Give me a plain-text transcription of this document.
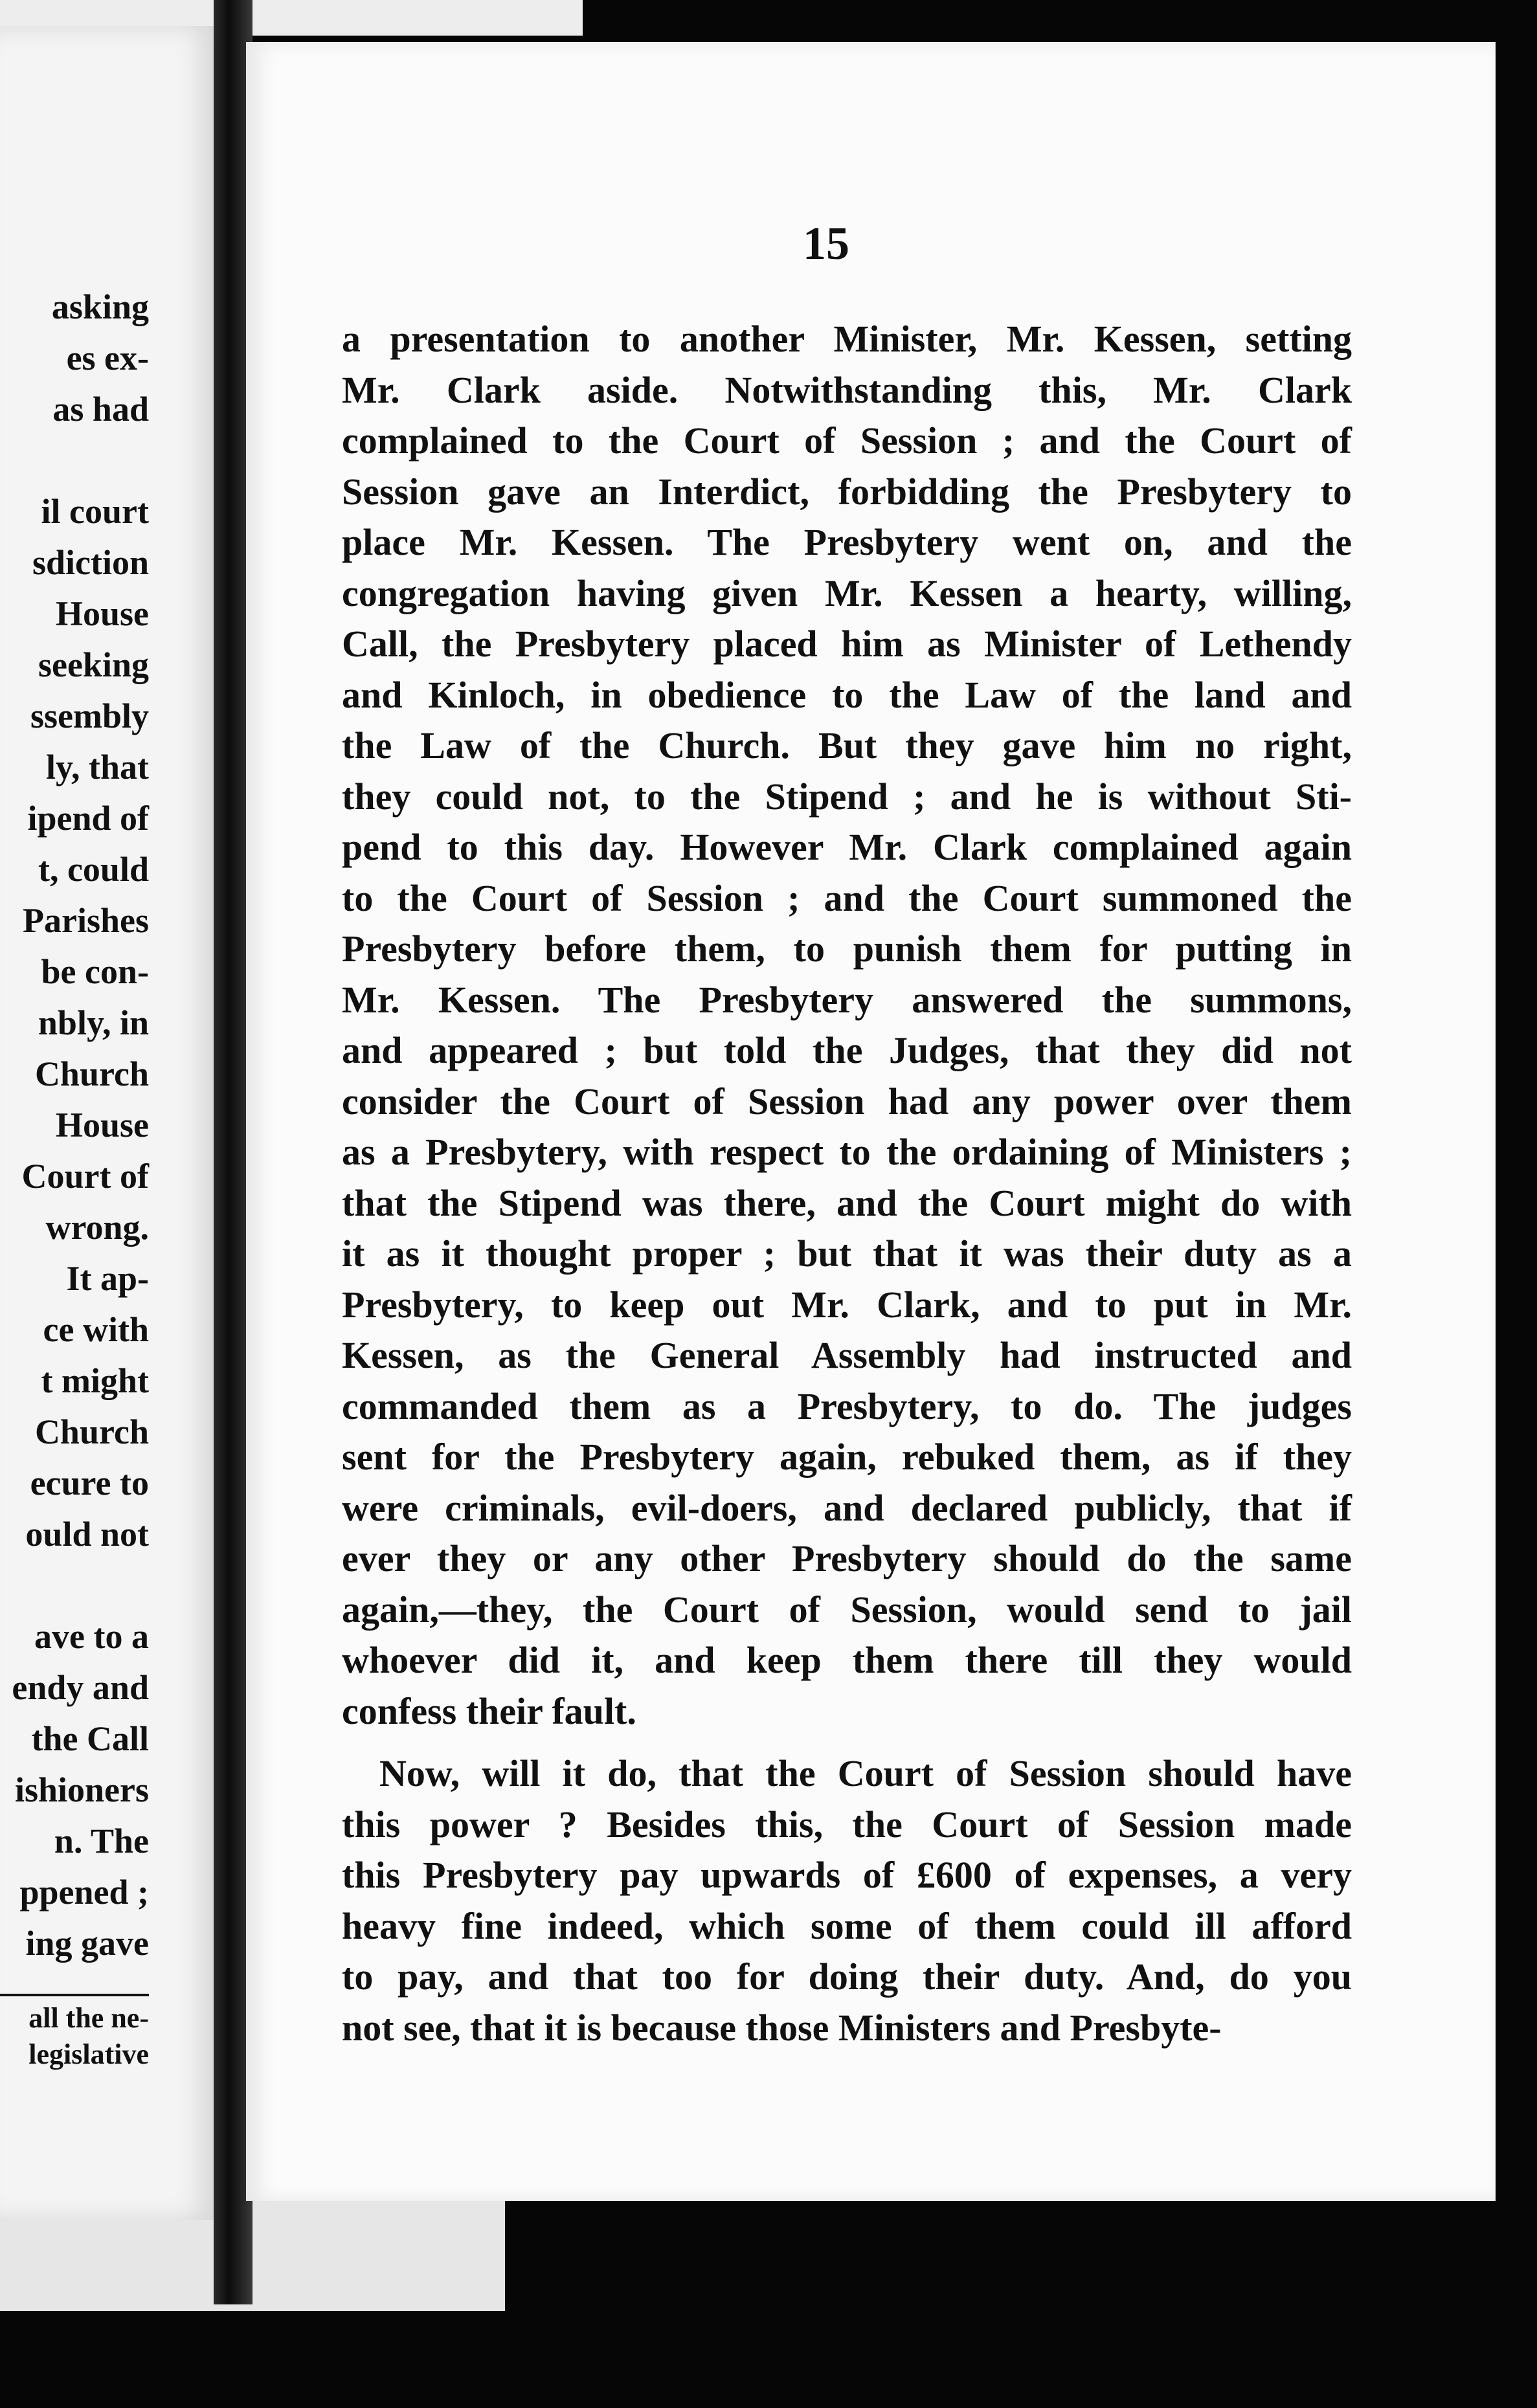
asking
es ex-
as had

il court
sdiction
House
seeking
ssembly
ly, that
ipend of
t, could
Parishes
be con-
nbly, in
Church
House
Court of
wrong.
It ap-
ce with
t might
Church
ecure to
ould not

ave to a
endy and
the Call
ishioners
n. The
ppened ;
ing gave
all the ne-
legislative
15
a presentation to another Minister, Mr. Kessen, setting
Mr. Clark aside. Notwithstanding this, Mr. Clark
complained to the Court of Session ; and the Court of
Session gave an Interdict, forbidding the Presbytery to
place Mr. Kessen. The Presbytery went on, and the
congregation having given Mr. Kessen a hearty, willing,
Call, the Presbytery placed him as Minister of Lethendy
and Kinloch, in obedience to the Law of the land and
the Law of the Church. But they gave him no right,
they could not, to the Stipend ; and he is without Sti-
pend to this day. However Mr. Clark complained again
to the Court of Session ; and the Court summoned the
Presbytery before them, to punish them for putting in
Mr. Kessen. The Presbytery answered the summons,
and appeared ; but told the Judges, that they did not
consider the Court of Session had any power over them
as a Presbytery, with respect to the ordaining of Ministers ;
that the Stipend was there, and the Court might do with
it as it thought proper ; but that it was their duty as a
Presbytery, to keep out Mr. Clark, and to put in Mr.
Kessen, as the General Assembly had instructed and
commanded them as a Presbytery, to do. The judges
sent for the Presbytery again, rebuked them, as if they
were criminals, evil-doers, and declared publicly, that if
ever they or any other Presbytery should do the same
again,—they, the Court of Session, would send to jail
whoever did it, and keep them there till they would
confess their fault.
Now, will it do, that the Court of Session should have
this power ? Besides this, the Court of Session made
this Presbytery pay upwards of £600 of expenses, a very
heavy fine indeed, which some of them could ill afford
to pay, and that too for doing their duty. And, do you
not see, that it is because those Ministers and Presbyte-
